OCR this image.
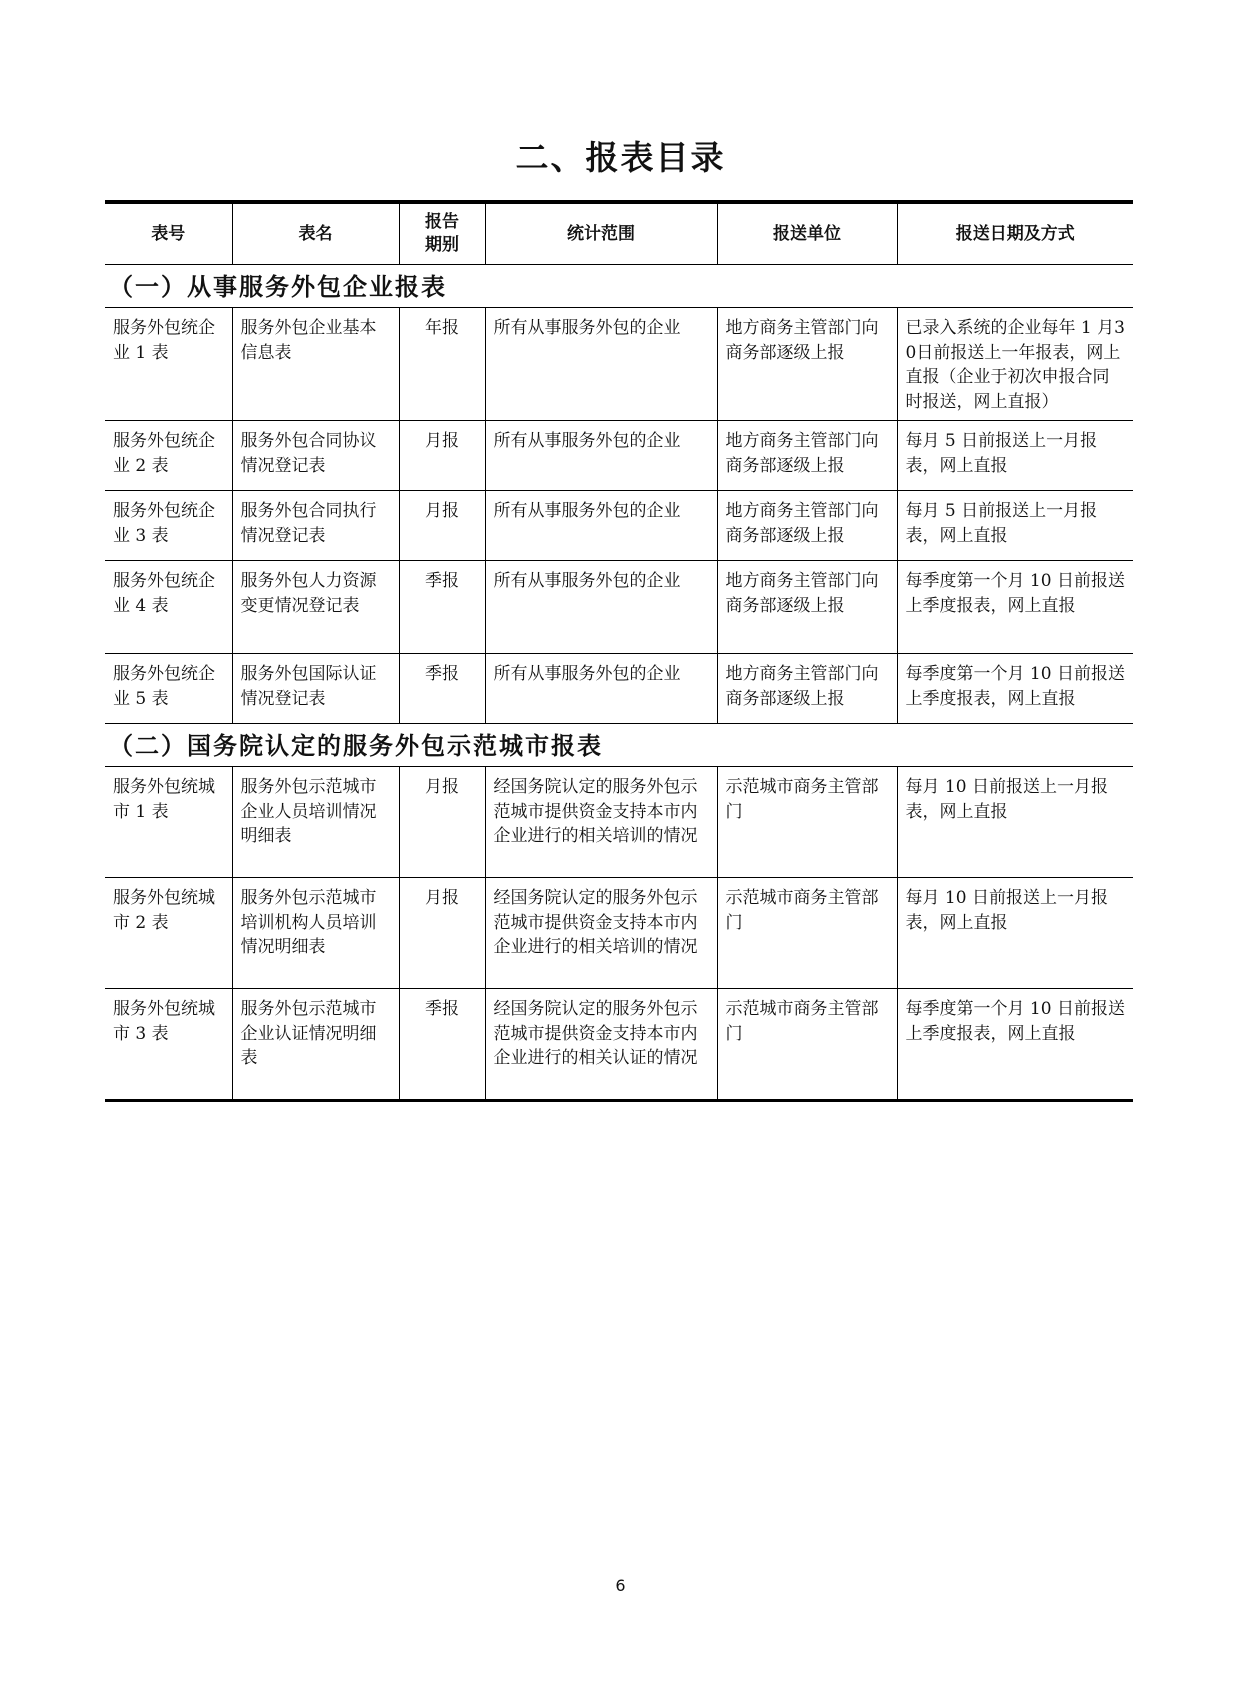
二、报表目录
表号	表名	报告期别	统计范围	报送单位	报送日期及方式
（一）从事服务外包企业报表					
服务外包统企业 1 表	服务外包企业基本信息表	年报	所有从事服务外包的企业	地方商务主管部门向商务部逐级上报	已录入系统的企业每年 1 月30日前报送上一年报表，网上直报（企业于初次申报合同时报送，网上直报）
服务外包统企业 2 表	服务外包合同协议情况登记表	月报	所有从事服务外包的企业	地方商务主管部门向商务部逐级上报	每月 5 日前报送上一月报表，网上直报
服务外包统企业 3 表	服务外包合同执行情况登记表	月报	所有从事服务外包的企业	地方商务主管部门向商务部逐级上报	每月 5 日前报送上一月报表，网上直报
服务外包统企业 4 表	服务外包人力资源变更情况登记表	季报	所有从事服务外包的企业	地方商务主管部门向商务部逐级上报	每季度第一个月 10 日前报送上季度报表，网上直报
服务外包统企业 5 表	服务外包国际认证情况登记表	季报	所有从事服务外包的企业	地方商务主管部门向商务部逐级上报	每季度第一个月 10 日前报送上季度报表，网上直报
（二）国务院认定的服务外包示范城市报表					
服务外包统城市 1 表	服务外包示范城市企业人员培训情况明细表	月报	经国务院认定的服务外包示范城市提供资金支持本市内企业进行的相关培训的情况	示范城市商务主管部门	每月 10 日前报送上一月报表，网上直报
服务外包统城市 2 表	服务外包示范城市培训机构人员培训情况明细表	月报	经国务院认定的服务外包示范城市提供资金支持本市内企业进行的相关培训的情况	示范城市商务主管部门	每月 10 日前报送上一月报表，网上直报
服务外包统城市 3 表	服务外包示范城市企业认证情况明细表	季报	经国务院认定的服务外包示范城市提供资金支持本市内企业进行的相关认证的情况	示范城市商务主管部门	每季度第一个月 10 日前报送上季度报表，网上直报
6
